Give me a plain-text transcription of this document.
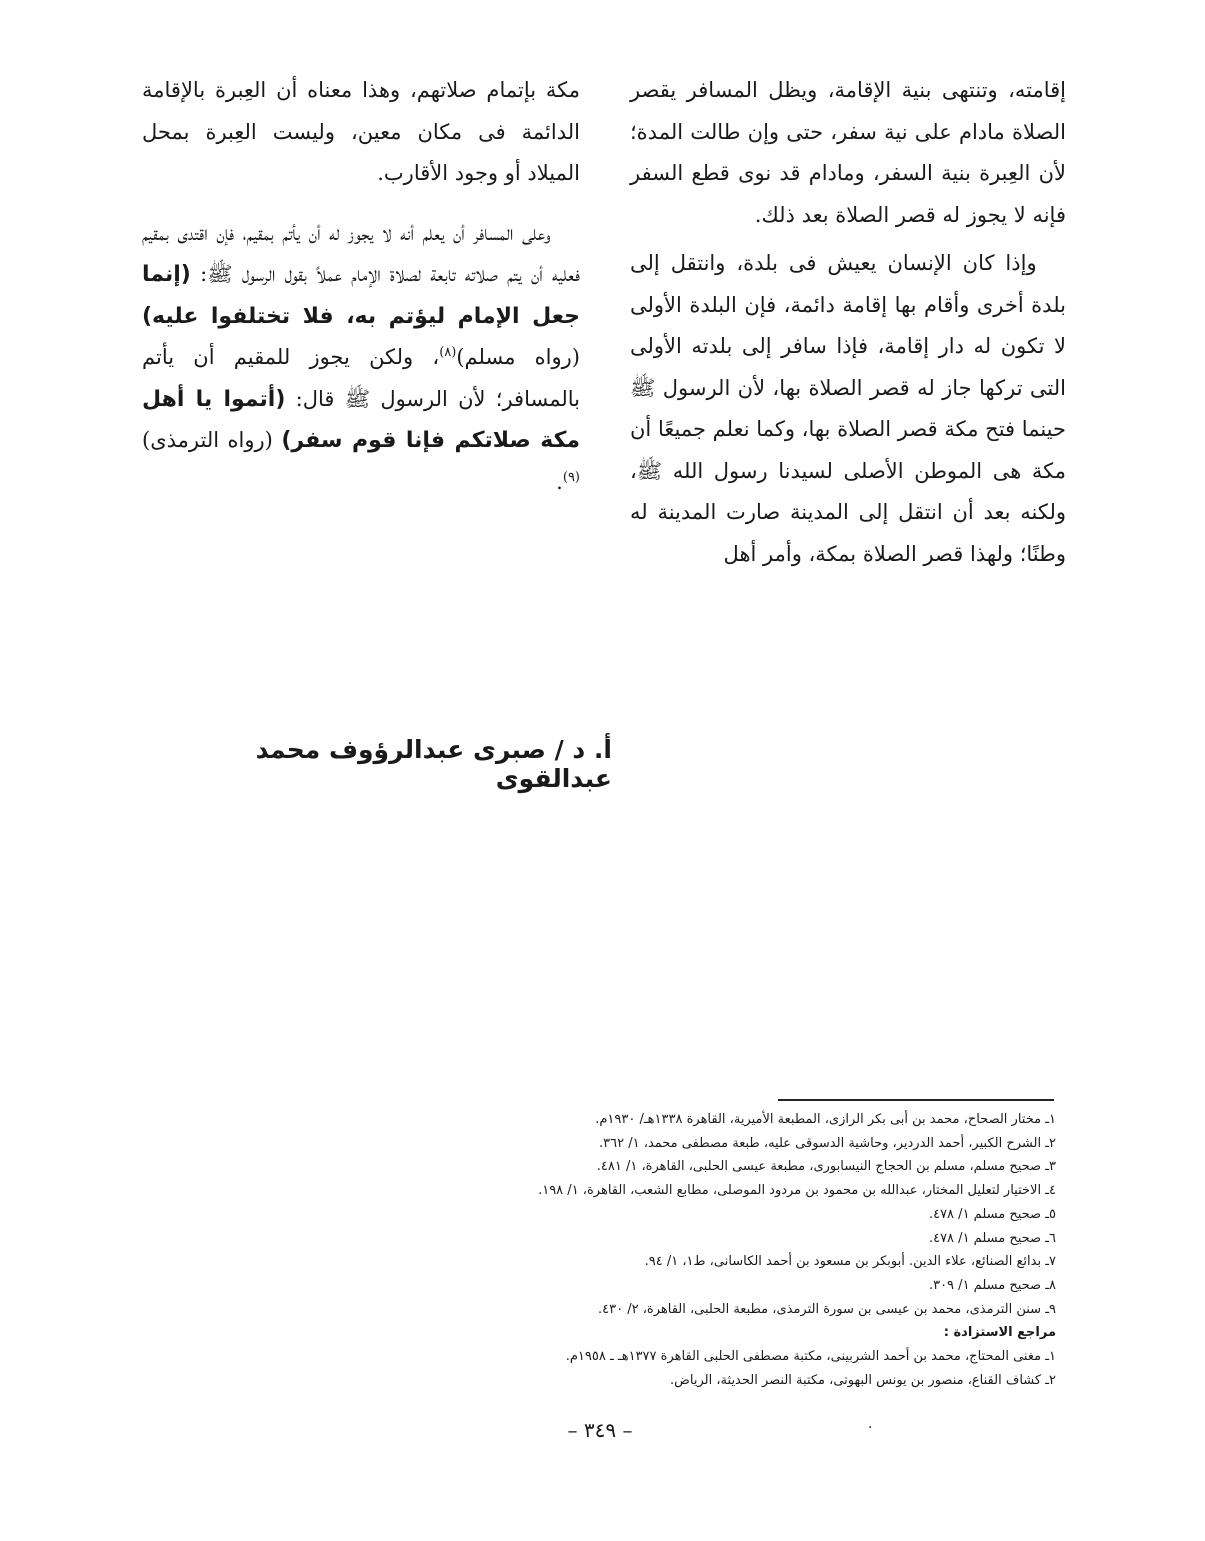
إقامته، وتنتهى بنية الإقامة، ويظل المسافر يقصر الصلاة مادام على نية سفر، حتى وإن طالت المدة؛ لأن العِبرة بنية السفر، ومادام قد نوى قطع السفر فإنه لا يجوز له قصر الصلاة بعد ذلك.

وإذا كان الإنسان يعيش فى بلدة، وانتقل إلى بلدة أخرى وأقام بها إقامة دائمة، فإن البلدة الأولى لا تكون له دار إقامة، فإذا سافر إلى بلدته الأولى التى تركها جاز له قصر الصلاة بها، لأن الرسول ﷺ حينما فتح مكة قصر الصلاة بها، وكما نعلم جميعًا أن مكة هى الموطن الأصلى لسيدنا رسول الله ﷺ، ولكنه بعد أن انتقل إلى المدينة صارت المدينة له وطنًا؛ ولهذا قصر الصلاة بمكة، وأمر أهل

مكة بإتمام صلاتهم، وهذا معناه أن العِبرة بالإقامة الدائمة فى مكان معين، وليست العِبرة بمحل الميلاد أو وجود الأقارب.

وعلى المسافر أن يعلم أنه لا يجوز له أن يأتم بمقيم، فإن اقتدى بمقيم فعليه أن يتم صلاته تابعة لصلاة الإمام عملاً بقول الرسول ﷺ: (إنما جعل الإمام ليؤتم به، فلا تختلفوا عليه) (رواه مسلم)$^{(٨)}$، ولكن يجوز للمقيم أن يأتم بالمسافر؛ لأن الرسول ﷺ قال: (أتموا يا أهل مكة صلاتكم فإنا قوم سفر) (رواه الترمذى)$^{(٩)}$.

أ. د / صبرى عبدالرؤوف محمد عبدالقوى
١ـ مختار الصحاح، محمد بن أبى بكر الرازى، المطبعة الأميرية، القاهرة ١٣٣٨هـ/ ١٩٣٠م.
٢ـ الشرح الكبير، أحمد الدردير، وحاشية الدسوقى عليه، طبعة مصطفى محمد، ١/ ٣٦٢.
٣ـ صحيح مسلم، مسلم بن الحجاج النيسابورى، مطبعة عيسى الحلبى، القاهرة، ١/ ٤٨١.
٤ـ الاختيار لتعليل المختار، عبدالله بن محمود بن مردود الموصلى، مطابع الشعب، القاهرة، ١/ ١٩٨.
٥ـ صحيح مسلم ١/ ٤٧٨.
٦ـ صحيح مسلم ١/ ٤٧٨.
٧ـ بدائع الصنائع، علاء الدين. أبوبكر بن مسعود بن أحمد الكاسانى، ط١، ١/ ٩٤.
٨ـ صحيح مسلم ١/ ٣٠٩.
٩ـ سنن الترمذى، محمد بن عيسى بن سورة الترمذى، مطبعة الحلبى، القاهرة، ٢/ ٤٣٠.
مراجع الاستزادة :
١ـ مغنى المحتاج، محمد بن أحمد الشربينى، مكتبة مصطفى الحلبى القاهرة ١٣٧٧هـ ـ ١٩٥٨م.
٢ـ كشاف القناع، منصور بن يونس البهوتى، مكتبة النصر الحديثة، الرياض.
– ٣٤٩ –	·
